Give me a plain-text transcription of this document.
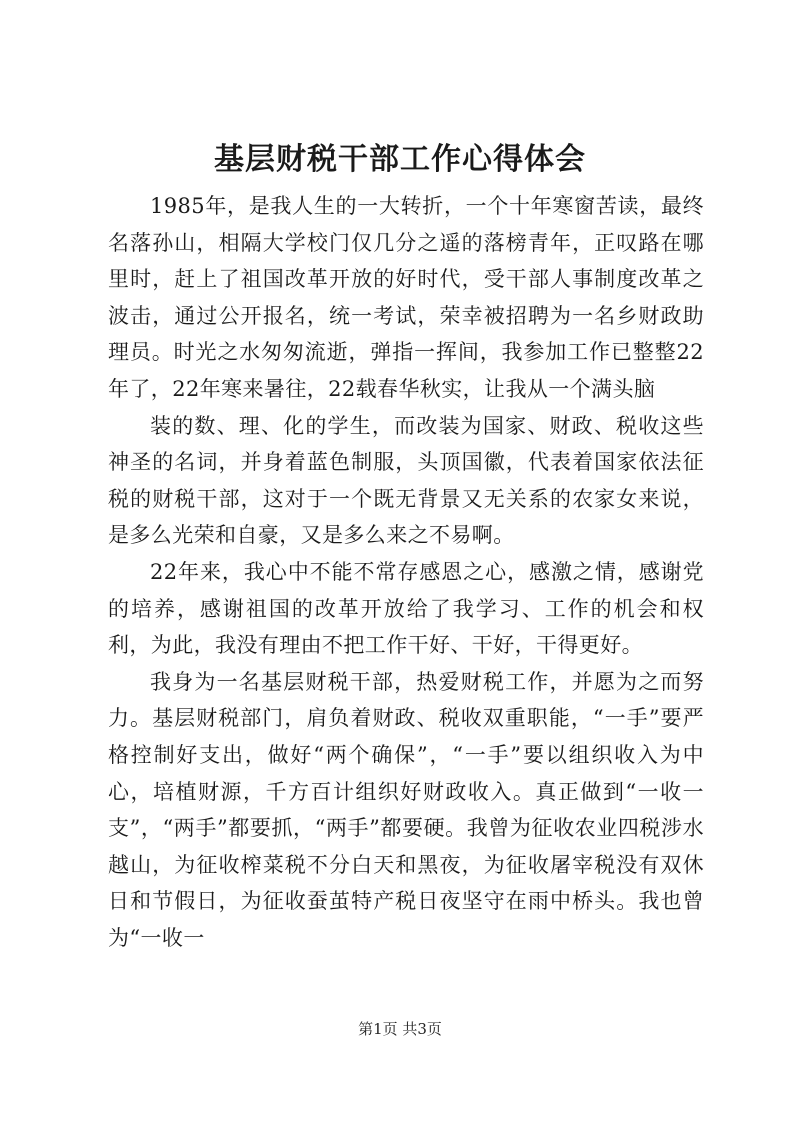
基层财税干部工作心得体会

1985年，是我人生的一大转折，一个十年寒窗苦读，最终名落孙山，相隔大学校门仅几分之遥的落榜青年，正叹路在哪里时，赶上了祖国改革开放的好时代，受干部人事制度改革之波击，通过公开报名，统一考试，荣幸被招聘为一名乡财政助理员。时光之水匆匆流逝，弹指一挥间，我参加工作已整整22年了，22年寒来暑往，22载春华秋实，让我从一个满头脑

装的数、理、化的学生，而改装为国家、财政、税收这些神圣的名词，并身着蓝色制服，头顶国徽，代表着国家依法征税的财税干部，这对于一个既无背景又无关系的农家女来说，是多么光荣和自豪，又是多么来之不易啊。

22年来，我心中不能不常存感恩之心，感激之情，感谢党的培养，感谢祖国的改革开放给了我学习、工作的机会和权利，为此，我没有理由不把工作干好、干好，干得更好。

我身为一名基层财税干部，热爱财税工作，并愿为之而努力。基层财税部门，肩负着财政、税收双重职能，“一手”要严格控制好支出，做好“两个确保”，“一手”要以组织收入为中心，培植财源，千方百计组织好财政收入。真正做到“一收一支”，“两手”都要抓，“两手”都要硬。我曾为征收农业四税涉水越山，为征收榨菜税不分白天和黑夜，为征收屠宰税没有双休日和节假日，为征收蚕茧特产税日夜坚守在雨中桥头。我也曾为“一收一

第1页 共3页
